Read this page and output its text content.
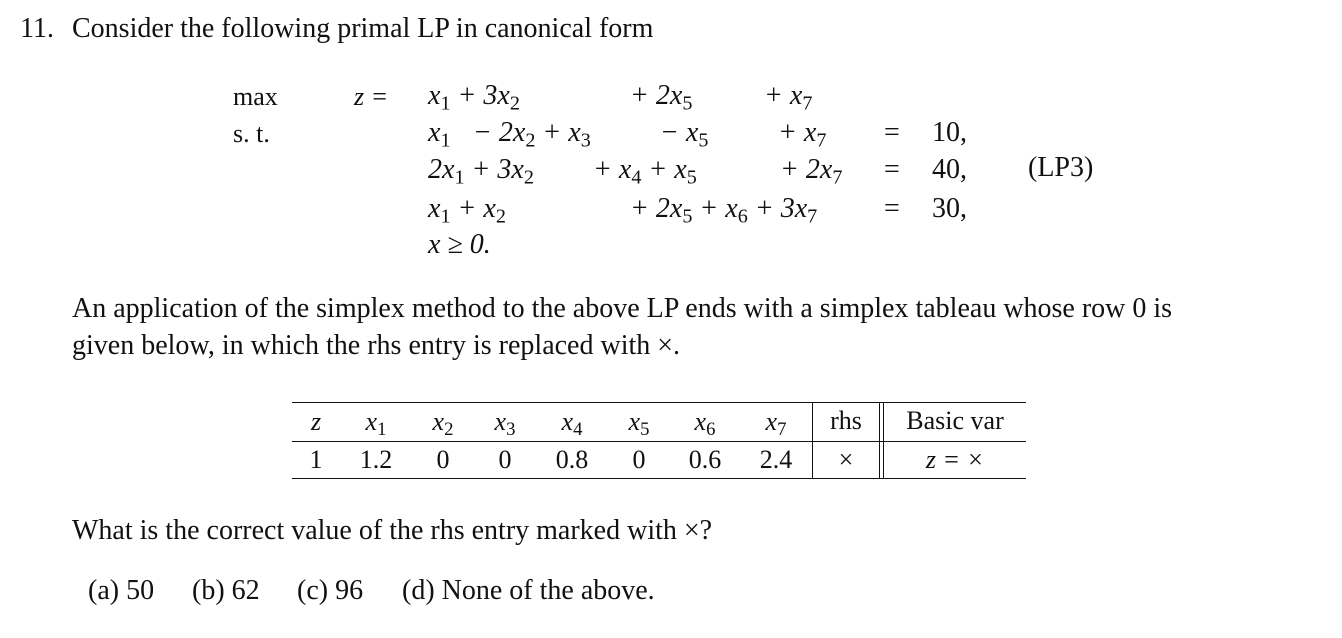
11. Consider the following primal LP in canonical form
max
s. t.
$z = x_1 + 3x_2$	+ $2x_5$	+ $x_7$
$x_1 - 2x_2 + x_3 - x_5 + x_7 = 10$,
$2x_1 + 3x_2 + x_4 + x_5$	+ $2x_7 = 40$, (LP3)
$x_1 + x_2$	+ $2x_5 + x_6 + 3x_7 = 30$,
x ≥ 0.
An application of the simplex method to the above LP ends with a simplex tableau whose row 0 is
given below, in which the rhs entry is replaced with ×.
z $x_1$ $x_2$ $x_3$ $x_4$ $x_5$ $x_6$ $x_7$ rhs Basic var
1 1.2 0 0 0.8 0 0.6 2.4 ×	z = ×
What is the correct value of the rhs entry marked with ×?
(a) 50 (b) 62 (c) 96 (d) None of the above.
